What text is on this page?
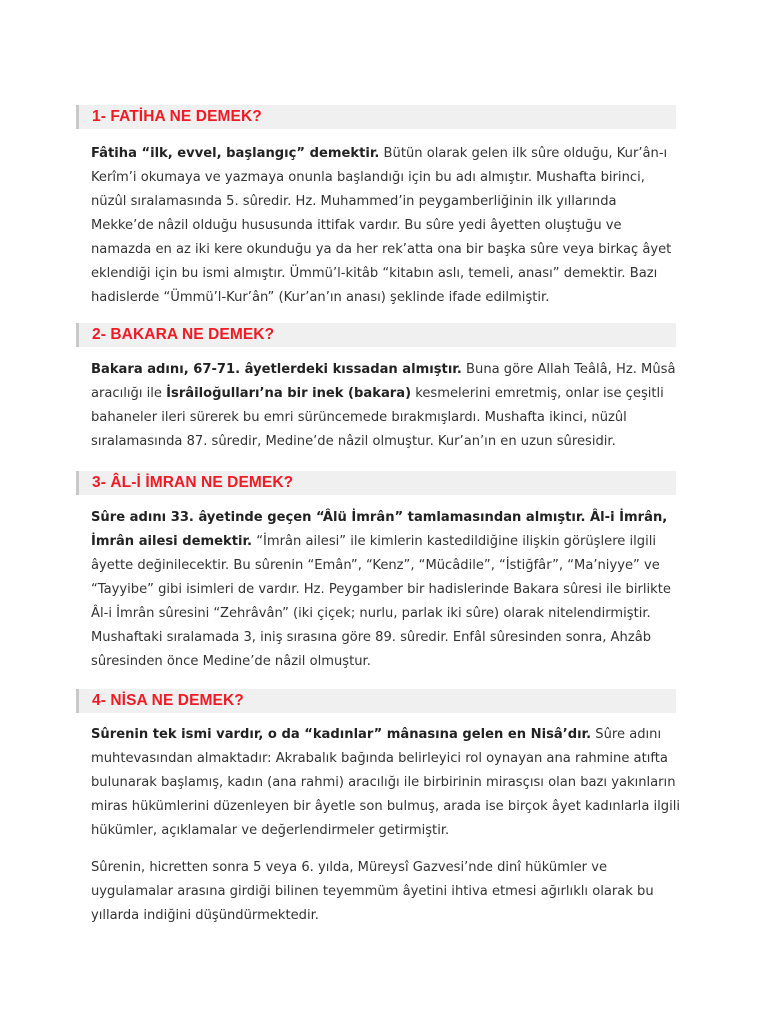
1- FATİHA NE DEMEK?

Fâtiha “ilk, evvel, başlangıç” demektir. Bütün olarak gelen ilk sûre olduğu, Kur’ân-ı Kerîm’i okumaya ve yazmaya onunla başlandığı için bu adı almıştır. Mushafta birinci, nüzûl sıralamasında 5. sûredir. Hz. Muhammed’in peygamberliğinin ilk yıllarında Mekke’de nâzil olduğu hususunda ittifak vardır. Bu sûre yedi âyetten oluştuğu ve namazda en az iki kere okunduğu ya da her rek’atta ona bir başka sûre veya birkaç âyet eklendiği için bu ismi almıştır. Ümmü’l-kitâb “kitabın aslı, temeli, anası” demektir. Bazı hadislerde “Ümmü’l-Kur’ân” (Kur’an’ın anası) şeklinde ifade edilmiştir.

2- BAKARA NE DEMEK?

Bakara adını, 67-71. âyetlerdeki kıssadan almıştır. Buna göre Allah Teâlâ, Hz. Mûsâ aracılığı ile İsrâiloğulları’na bir inek (bakara) kesmelerini emretmiş, onlar ise çeşitli bahaneler ileri sürerek bu emri sürüncemede bırakmışlardı. Mushafta ikinci, nüzûl sıralamasında 87. sûredir, Medine’de nâzil olmuştur. Kur’an’ın en uzun sûresidir.

3- ÂL-İ İMRAN NE DEMEK?

Sûre adını 33. âyetinde geçen “Âlü İmrân” tamlamasından almıştır. Âl-i İmrân, İmrân ailesi demektir. “İmrân ailesi” ile kimlerin kastedildiğine ilişkin görüşlere ilgili âyette değinilecektir. Bu sûrenin “Emân”, “Kenz”, “Mücâdile”, “İstiğfâr”, “Ma’niyye” ve “Tayyibe” gibi isimleri de vardır. Hz. Peygamber bir hadislerinde Bakara sûresi ile birlikte Âl-i İmrân sûresini “Zehrâvân” (iki çiçek; nurlu, parlak iki sûre) olarak nitelendirmiştir. Mushaftaki sıralamada 3, iniş sırasına göre 89. sûredir. Enfâl sûresinden sonra, Ahzâb sûresinden önce Medine’de nâzil olmuştur.

4- NİSA NE DEMEK?

Sûrenin tek ismi vardır, o da “kadınlar” mânasına gelen en Nisâ’dır. Sûre adını muhtevasından almaktadır: Akrabalık bağında belirleyici rol oynayan ana rahmine atıfta bulunarak başlamış, kadın (ana rahmi) aracılığı ile birbirinin mirasçısı olan bazı yakınların miras hükümlerini düzenleyen bir âyetle son bulmuş, arada ise birçok âyet kadınlarla ilgili hükümler, açıklamalar ve değerlendirmeler getirmiştir.

Sûrenin, hicretten sonra 5 veya 6. yılda, Müreysî Gazvesi’nde dinî hükümler ve uygulamalar arasına girdiği bilinen teyemmüm âyetini ihtiva etmesi ağırlıklı olarak bu yıllarda indiğini düşündürmektedir.
